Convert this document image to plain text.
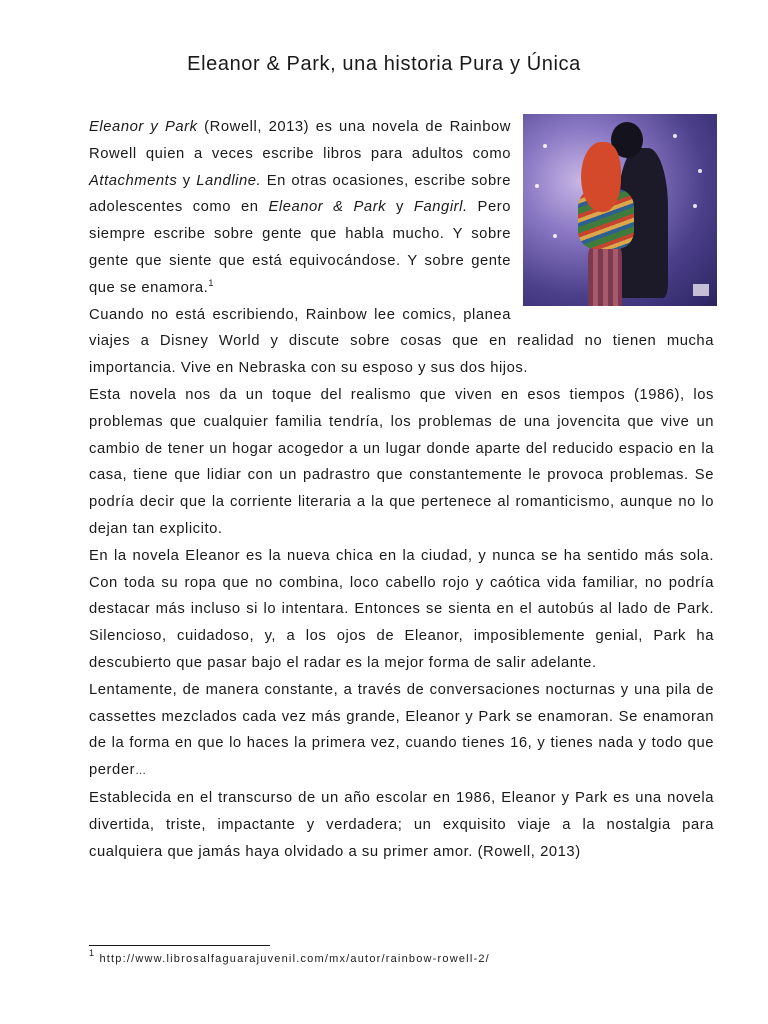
Eleanor & Park, una historia Pura y Única

Eleanor y Park (Rowell, 2013) es una novela de Rainbow Rowell quien a veces escribe libros para adultos como Attachments y Landline. En otras ocasiones, escribe sobre adolescentes como en Eleanor & Park y Fangirl. Pero siempre escribe sobre gente que habla mucho. Y sobre gente que siente que está equivocándose. Y sobre gente que se enamora.$^1$

Cuando no está escribiendo, Rainbow lee comics, planea viajes a Disney World y discute sobre cosas que en realidad no tienen mucha importancia. Vive en Nebraska con su esposo y sus dos hijos.

Esta novela nos da un toque del realismo que viven en esos tiempos (1986), los problemas que cualquier familia tendría, los problemas de una jovencita que vive un cambio de tener un hogar acogedor a un lugar donde aparte del reducido espacio en la casa, tiene que lidiar con un padrastro que constantemente le provoca problemas. Se podría decir que la corriente literaria a la que pertenece al romanticismo, aunque no lo dejan tan explicito.

En la novela Eleanor es la nueva chica en la ciudad, y nunca se ha sentido más sola. Con toda su ropa que no combina, loco cabello rojo y caótica vida familiar, no podría destacar más incluso si lo intentara. Entonces se sienta en el autobús al lado de Park. Silencioso, cuidadoso, y, a los ojos de Eleanor, imposiblemente genial, Park ha descubierto que pasar bajo el radar es la mejor forma de salir adelante.

Lentamente, de manera constante, a través de conversaciones nocturnas y una pila de cassettes mezclados cada vez más grande, Eleanor y Park se enamoran. Se enamoran de la forma en que lo haces la primera vez, cuando tienes 16, y tienes nada y todo que perder…

Establecida en el transcurso de un año escolar en 1986, Eleanor y Park es una novela divertida, triste, impactante y verdadera; un exquisito viaje a la nostalgia para cualquiera que jamás haya olvidado a su primer amor. (Rowell, 2013)

$^1$ http://www.librosalfaguarajuvenil.com/mx/autor/rainbow-rowell-2/
